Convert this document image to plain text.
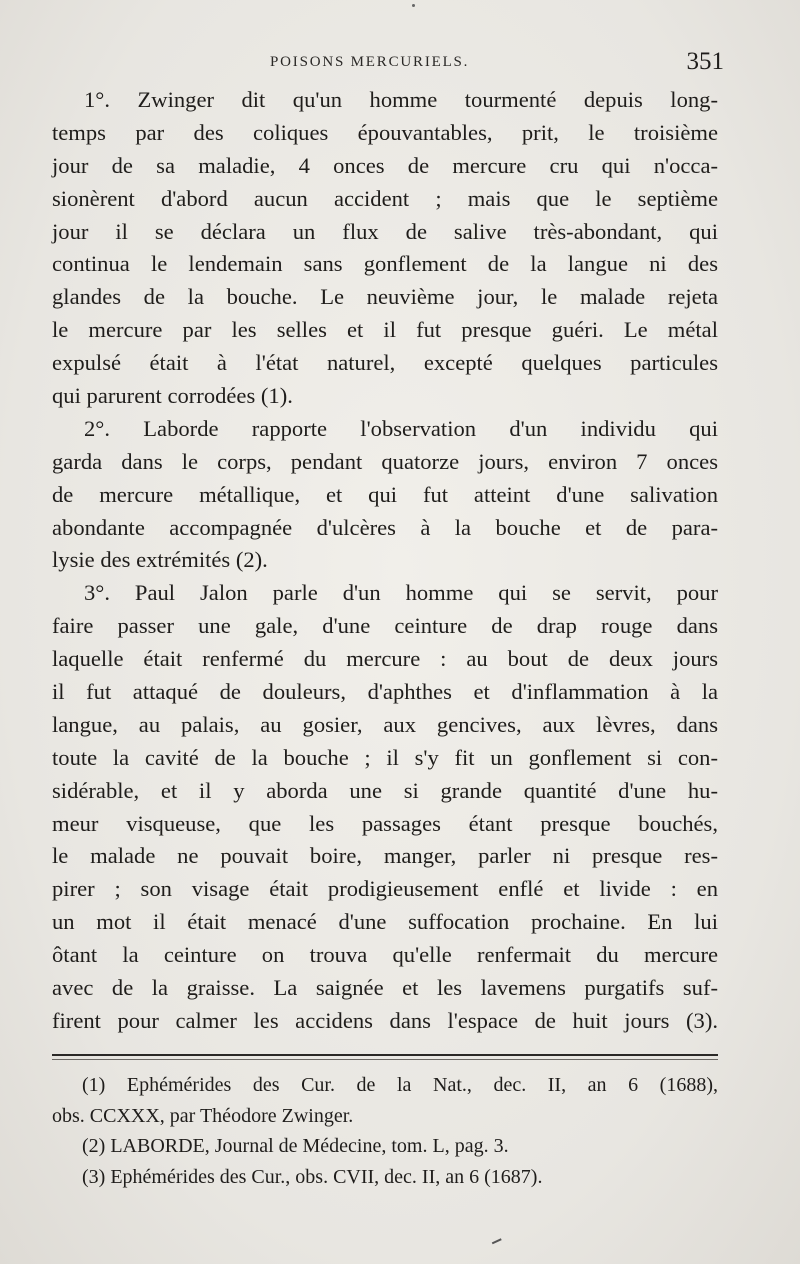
POISONS MERCURIELS.	351
1°. Zwinger dit qu'un homme tourmenté depuis long-
temps par des coliques épouvantables, prit, le troisième
jour de sa maladie, 4 onces de mercure cru qui n'occa-
sionèrent d'abord aucun accident ; mais que le septième
jour il se déclara un flux de salive très-abondant, qui
continua le lendemain sans gonflement de la langue ni des
glandes de la bouche. Le neuvième jour, le malade rejeta
le mercure par les selles et il fut presque guéri. Le métal
expulsé était à l'état naturel, excepté quelques particules
qui parurent corrodées (1).
2°. Laborde rapporte l'observation d'un individu qui
garda dans le corps, pendant quatorze jours, environ 7 onces
de mercure métallique, et qui fut atteint d'une salivation
abondante accompagnée d'ulcères à la bouche et de para-
lysie des extrémités (2).
3°. Paul Jalon parle d'un homme qui se servit, pour
faire passer une gale, d'une ceinture de drap rouge dans
laquelle était renfermé du mercure : au bout de deux jours
il fut attaqué de douleurs, d'aphthes et d'inflammation à la
langue, au palais, au gosier, aux gencives, aux lèvres, dans
toute la cavité de la bouche ; il s'y fit un gonflement si con-
sidérable, et il y aborda une si grande quantité d'une hu-
meur visqueuse, que les passages étant presque bouchés,
le malade ne pouvait boire, manger, parler ni presque res-
pirer ; son visage était prodigieusement enflé et livide : en
un mot il était menacé d'une suffocation prochaine. En lui
ôtant la ceinture on trouva qu'elle renfermait du mercure
avec de la graisse. La saignée et les lavemens purgatifs suf-
firent pour calmer les accidens dans l'espace de huit jours (3).
(1) Ephémérides des Cur. de la Nat., dec. II, an 6 (1688),
obs. CCXXX, par Théodore Zwinger.
(2) LABORDE, Journal de Médecine, tom. L, pag. 3.
(3) Ephémérides des Cur., obs. CVII, dec. II, an 6 (1687).
